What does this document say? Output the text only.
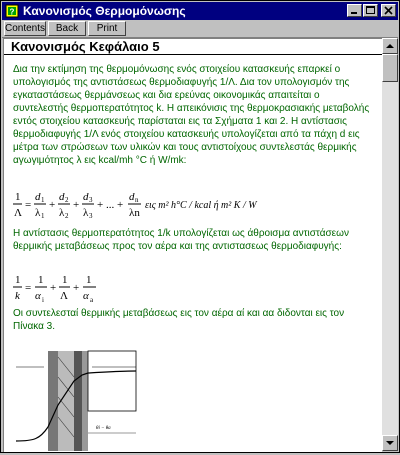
? Κανονισμός Θερμομόνωσης
Contents	Back	Print
Κανονισμός Κεφάλαιο 5
Δια την εκτίμηση της θερμομόνωσης ενός στοιχείου κατασκευής επαρκεί ο υπολογισμός της αντιστάσεως θερμοδιαφυγής 1/Λ. Δια τον υπολογισμόν της εγκαταστάσεως θερμάνσεως και δια ερεύνας οικονομικάς απαιτείται ο συντελεστής θερμοπερατότητος k. Η απεικόνισις της θερμοκρασιακής μεταβολής εντός στοιχείου κατασκευής παρίσταται εις τα Σχήματα 1 και 2. Η αντίστασις θερμοδιαφυγής 1/Λ ενός στοιχείου κατασκευής υπολογίζεται από τα πάχη d εις μέτρα των στρώσεων των υλικών και τους αντιστοίχους συντελεστάς θερμικής αγωγιμότητος λ εις kcal/mh °C ή W/mk:
1
Λ
=
d 1
λ 1
+
d 2
λ 2
+
d 3
λ 3
+ ... +
d n
λn
εις m² h°C / kcal ή m² K / W
Η αντίστασις θερμοπερατότητος 1/k υπολογίζεται ως άθροισμα αντιστάσεων θερμικής μεταβάσεως προς τον αέρα και της αντιστασεως θερμοδιαφυγής:
1
k
=
1
α i
+
1
Λ
+
1
α a
Οι συντελεσταί θερμικής μεταβάσεως εις τον αέρα αί και αα διδονται εις τον Πίνακα 3.
θi − θa
